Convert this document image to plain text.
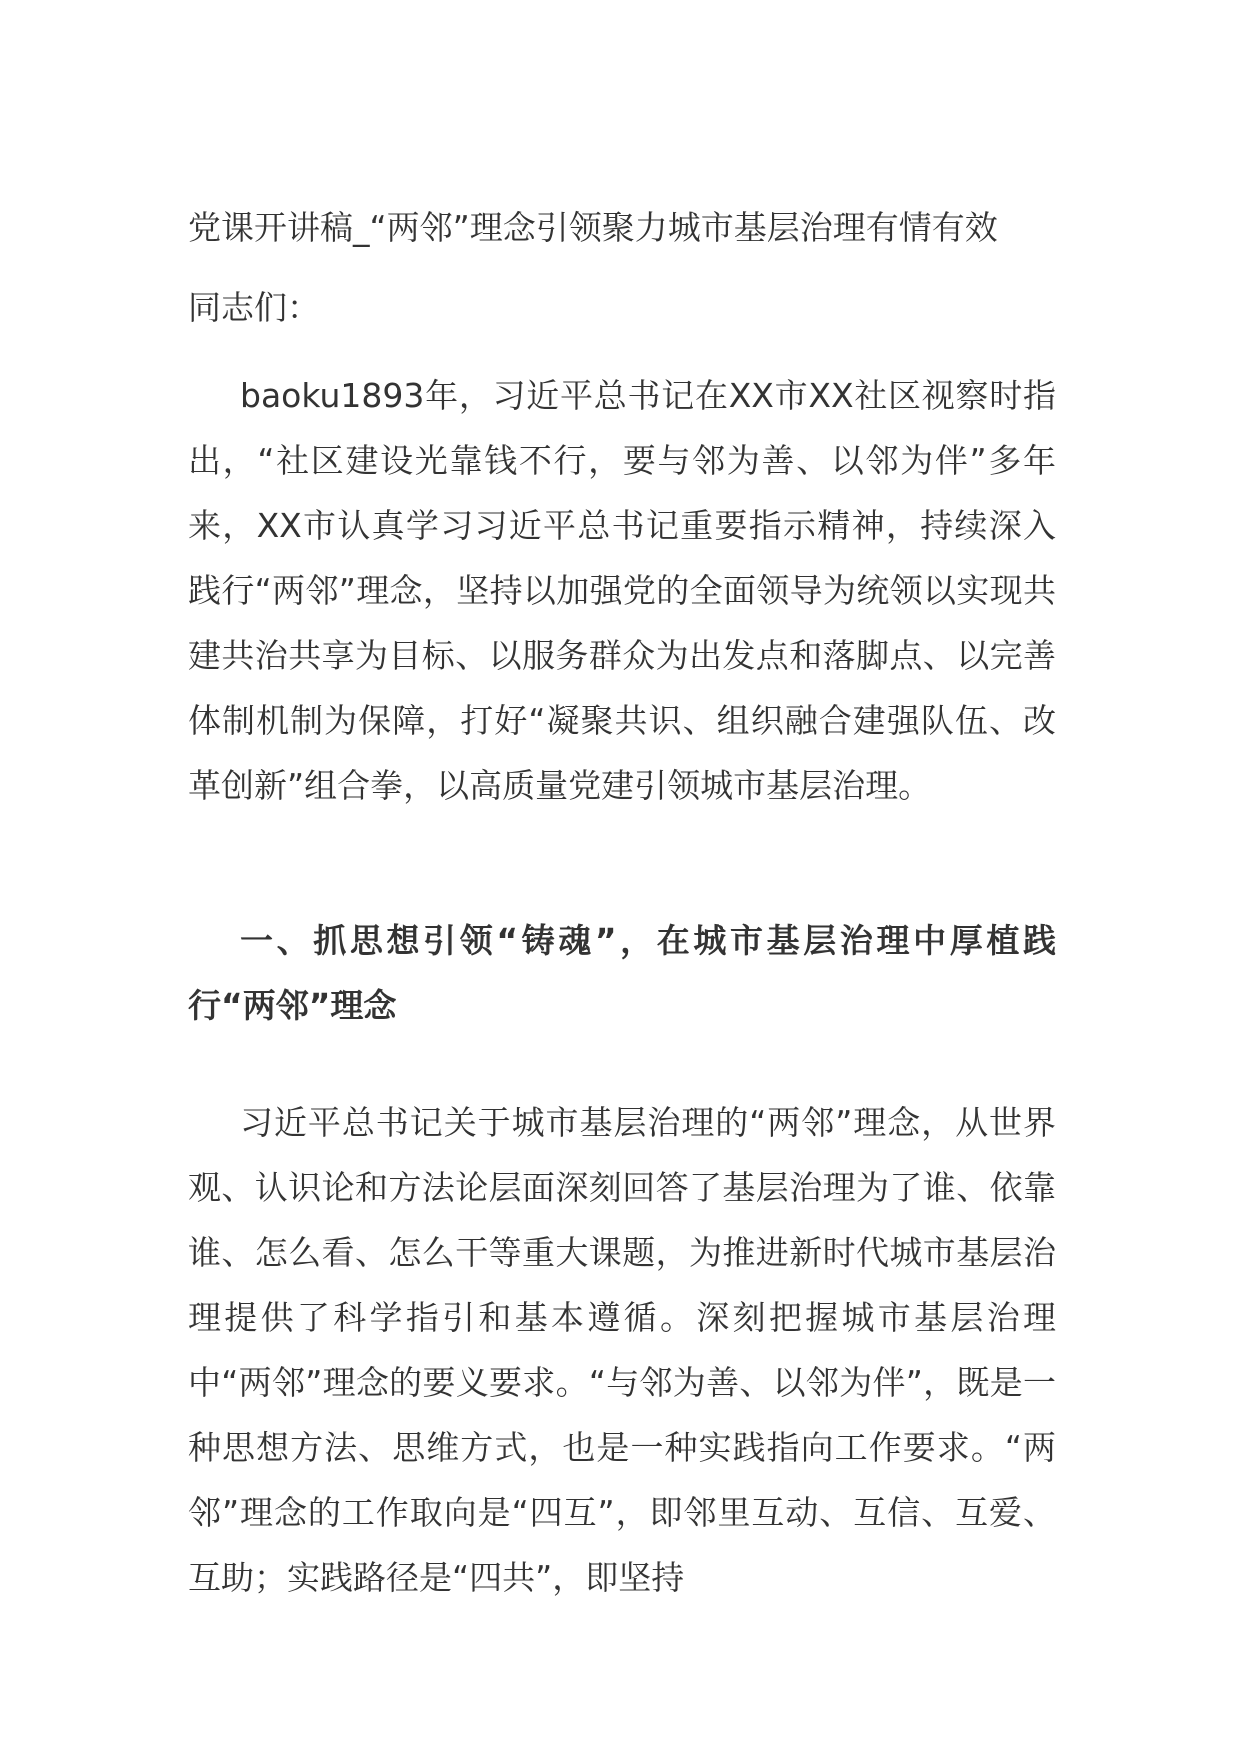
党课开讲稿_“两邻”理念引领聚力城市基层治理有情有效

同志们：

baoku1893年，习近平总书记在XX市XX社区视察时指出，“社区建设光靠钱不行，要与邻为善、以邻为伴”多年来，XX市认真学习习近平总书记重要指示精神，持续深入践行“两邻”理念，坚持以加强党的全面领导为统领以实现共建共治共享为目标、以服务群众为出发点和落脚点、以完善体制机制为保障，打好“凝聚共识、组织融合建强队伍、改革创新”组合拳，以高质量党建引领城市基层治理。

一、抓思想引领“铸魂”，在城市基层治理中厚植践行“两邻”理念

习近平总书记关于城市基层治理的“两邻”理念，从世界观、认识论和方法论层面深刻回答了基层治理为了谁、依靠谁、怎么看、怎么干等重大课题，为推进新时代城市基层治理提供了科学指引和基本遵循。深刻把握城市基层治理中“两邻”理念的要义要求。“与邻为善、以邻为伴”，既是一种思想方法、思维方式，也是一种实践指向工作要求。“两邻”理念的工作取向是“四互”，即邻里互动、互信、互爱、互助；实践路径是“四共”，即坚持
